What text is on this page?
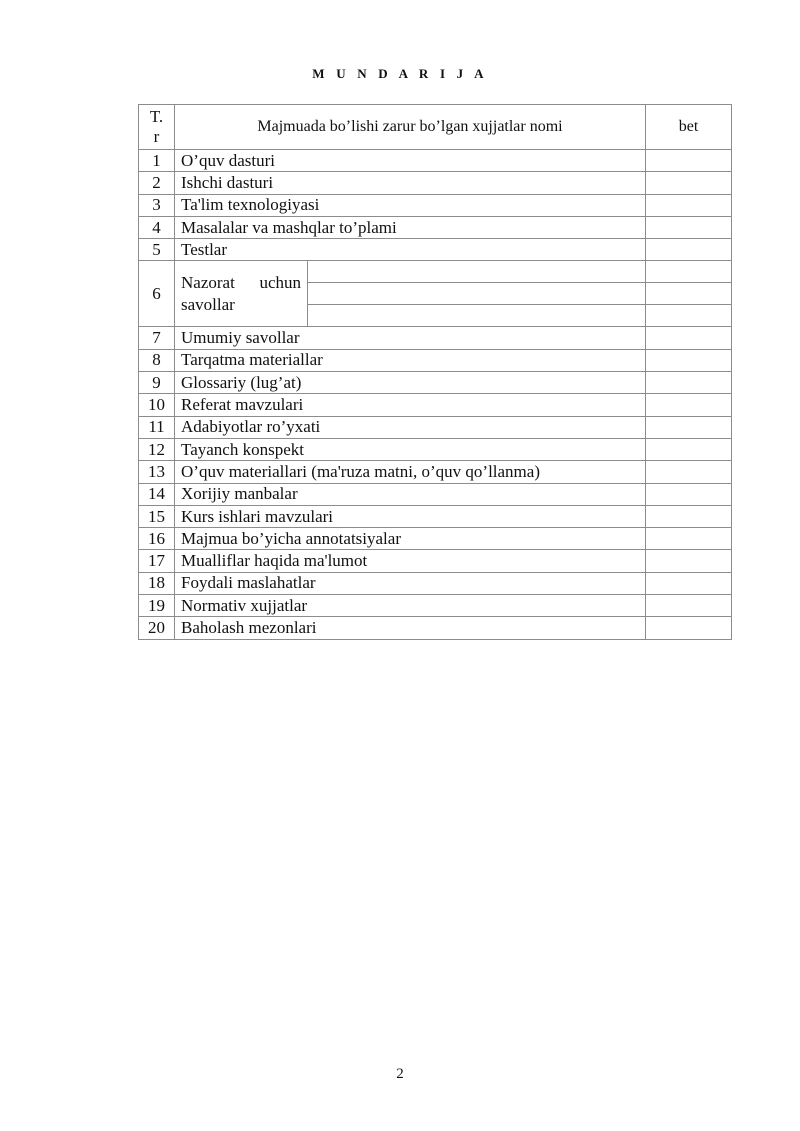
M U N D A R I J A
T.
r	Majmuada bo’lishi zarur bo’lgan xujjatlar nomi		bet
1	O’quv dasturi		
2	Ishchi dasturi		
3	Ta'lim texnologiyasi		
4	Masalalar va mashqlar to’plami		
5	Testlar		
6	Nazorat uchun savollar		

7	Umumiy savollar		
8	Tarqatma materiallar		
9	Glossariy (lug’at)		
10	Referat mavzulari		
11	Adabiyotlar ro’yxati		
12	Tayanch konspekt		
13	O’quv materiallari (ma'ruza matni, o’quv qo’llanma)		
14	Xorijiy manbalar		
15	Kurs ishlari mavzulari		
16	Majmua bo’yicha annotatsiyalar		
17	Mualliflar haqida ma'lumot		
18	Foydali maslahatlar		
19	Normativ xujjatlar		
20	Baholash mezonlari		
2
